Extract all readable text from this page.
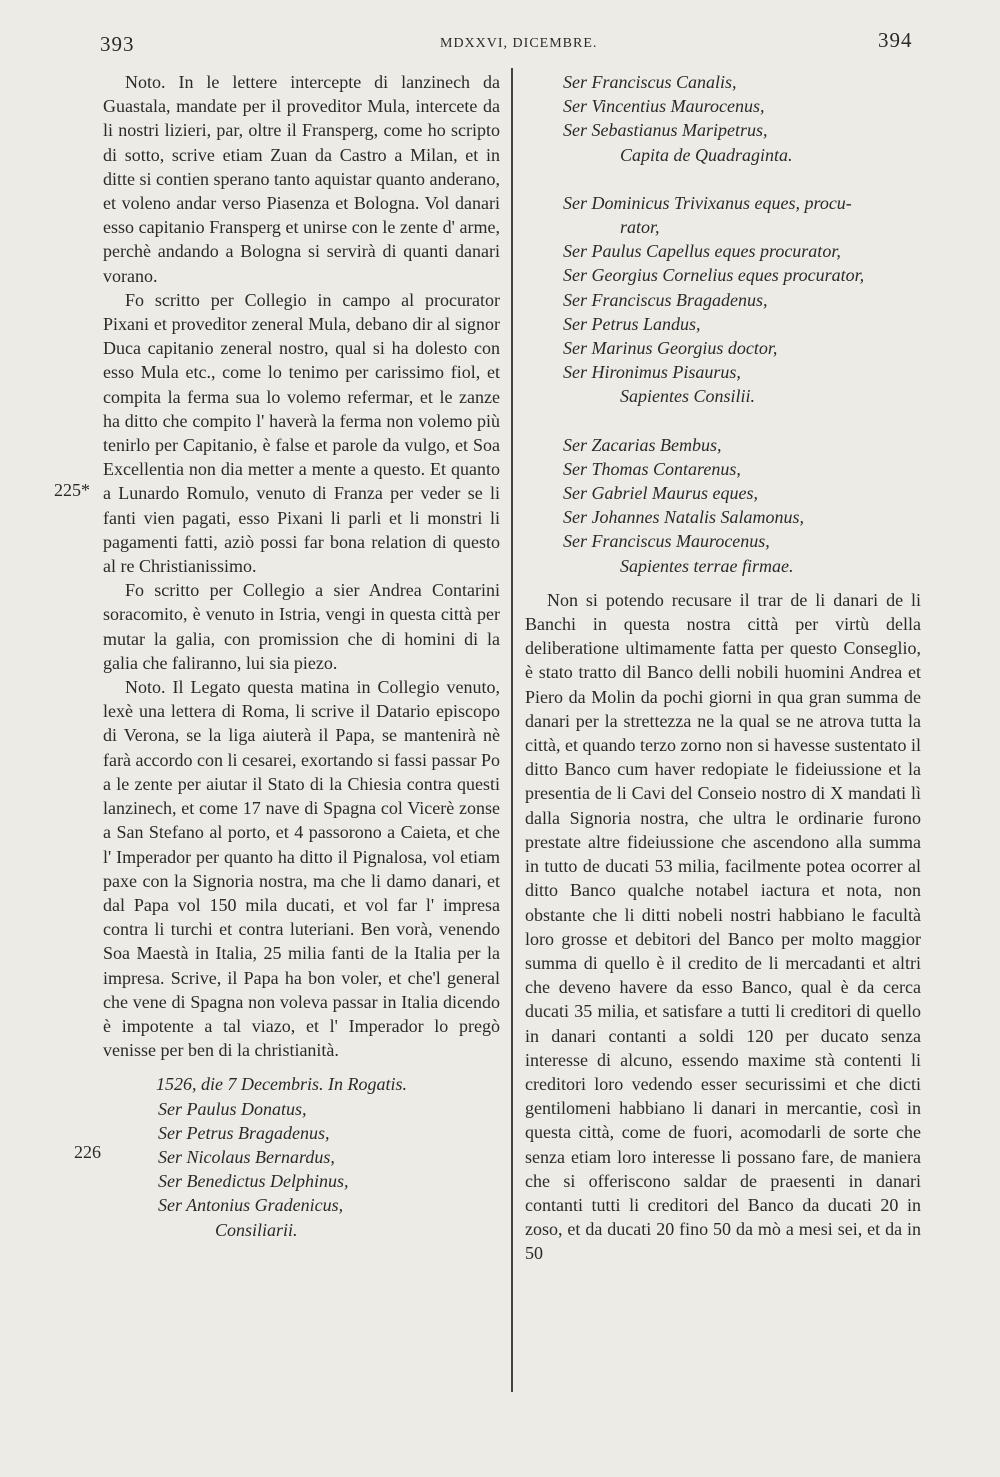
393	MDXXVI, DICEMBRE.	394
225*
226

Noto. In le lettere intercepte di lanzinech da Guastala, mandate per il proveditor Mula, intercete da li nostri lizieri, par, oltre il Fransperg, come ho scripto di sotto, scrive etiam Zuan da Castro a Milan, et in ditte si contien sperano tanto aquistar quanto anderano, et voleno andar verso Piasenza et Bologna. Vol danari esso capitanio Fransperg et unirse con le zente d' arme, perchè andando a Bologna si servirà di quanti danari vorano.

Fo scritto per Collegio in campo al procurator Pixani et proveditor zeneral Mula, debano dir al signor Duca capitanio zeneral nostro, qual si ha dolesto con esso Mula etc., come lo tenimo per carissimo fiol, et compita la ferma sua lo volemo refermar, et le zanze ha ditto che compito l' haverà la ferma non volemo più tenirlo per Capitanio, è false et parole da vulgo, et Soa Excellentia non dia metter a mente a questo. Et quanto a Lunardo Romulo, venuto di Franza per veder se li fanti vien pagati, esso Pixani li parli et li monstri li pagamenti fatti, aziò possi far bona relation di questo al re Christianissimo.

Fo scritto per Collegio a sier Andrea Contarini soracomito, è venuto in Istria, vengi in questa città per mutar la galia, con promission che di homini di la galia che faliranno, lui sia piezo.

Noto. Il Legato questa matina in Collegio venuto, lexè una lettera di Roma, li scrive il Datario episcopo di Verona, se la liga aiuterà il Papa, se mantenirà nè farà accordo con li cesarei, exortando si fassi passar Po a le zente per aiutar il Stato di la Chiesia contra questi lanzinech, et come 17 nave di Spagna col Vicerè zonse a San Stefano al porto, et 4 passorono a Caieta, et che l' Imperador per quanto ha ditto il Pignalosa, vol etiam paxe con la Signoria nostra, ma che li damo danari, et dal Papa vol 150 mila ducati, et vol far l' impresa contra li turchi et contra luteriani. Ben vorà, venendo Soa Maestà in Italia, 25 milia fanti de la Italia per la impresa. Scrive, il Papa ha bon voler, et che'l general che vene di Spagna non voleva passar in Italia dicendo è impotente a tal viazo, et l' Imperador lo pregò venisse per ben di la christianità.

1526, die 7 Decembris. In Rogatis.
Ser Paulus Donatus,
Ser Petrus Bragadenus,
Ser Nicolaus Bernardus,
Ser Benedictus Delphinus,
Ser Antonius Gradenicus,
Consiliarii.
Ser Franciscus Canalis,
Ser Vincentius Maurocenus,
Ser Sebastianus Maripetrus,
Capita de Quadraginta.
Ser Dominicus Trivixanus eques, procu-
rator,
Ser Paulus Capellus eques procurator,
Ser Georgius Cornelius eques procurator,
Ser Franciscus Bragadenus,
Ser Petrus Landus,
Ser Marinus Georgius doctor,
Ser Hironimus Pisaurus,
Sapientes Consilii.
Ser Zacarias Bembus,
Ser Thomas Contarenus,
Ser Gabriel Maurus eques,
Ser Johannes Natalis Salamonus,
Ser Franciscus Maurocenus,
Sapientes terrae firmae.

Non si potendo recusare il trar de li danari de li Banchi in questa nostra città per virtù della deliberatione ultimamente fatta per questo Conseglio, è stato tratto dil Banco delli nobili huomini Andrea et Piero da Molin da pochi giorni in qua gran summa de danari per la strettezza ne la qual se ne atrova tutta la città, et quando terzo zorno non si havesse sustentato il ditto Banco cum haver redopiate le fideiussione et la presentia de li Cavi del Conseio nostro di X mandati lì dalla Signoria nostra, che ultra le ordinarie furono prestate altre fideiussione che ascendono alla summa in tutto de ducati 53 milia, facilmente potea ocorrer al ditto Banco qualche notabel iactura et nota, non obstante che li ditti nobeli nostri habbiano le facultà loro grosse et debitori del Banco per molto maggior summa di quello è il credito de li mercadanti et altri che deveno havere da esso Banco, qual è da cerca ducati 35 milia, et satisfare a tutti li creditori di quello in danari contanti a soldi 120 per ducato senza interesse di alcuno, essendo maxime stà contenti li creditori loro vedendo esser securissimi et che dicti gentilomeni habbiano li danari in mercantie, così in questa città, come de fuori, acomodarli de sorte che senza etiam loro interesse li possano fare, de maniera che si offeriscono saldar de praesenti in danari contanti tutti li creditori del Banco da ducati 20 in zoso, et da ducati 20 fino 50 da mò a mesi sei, et da in 50
